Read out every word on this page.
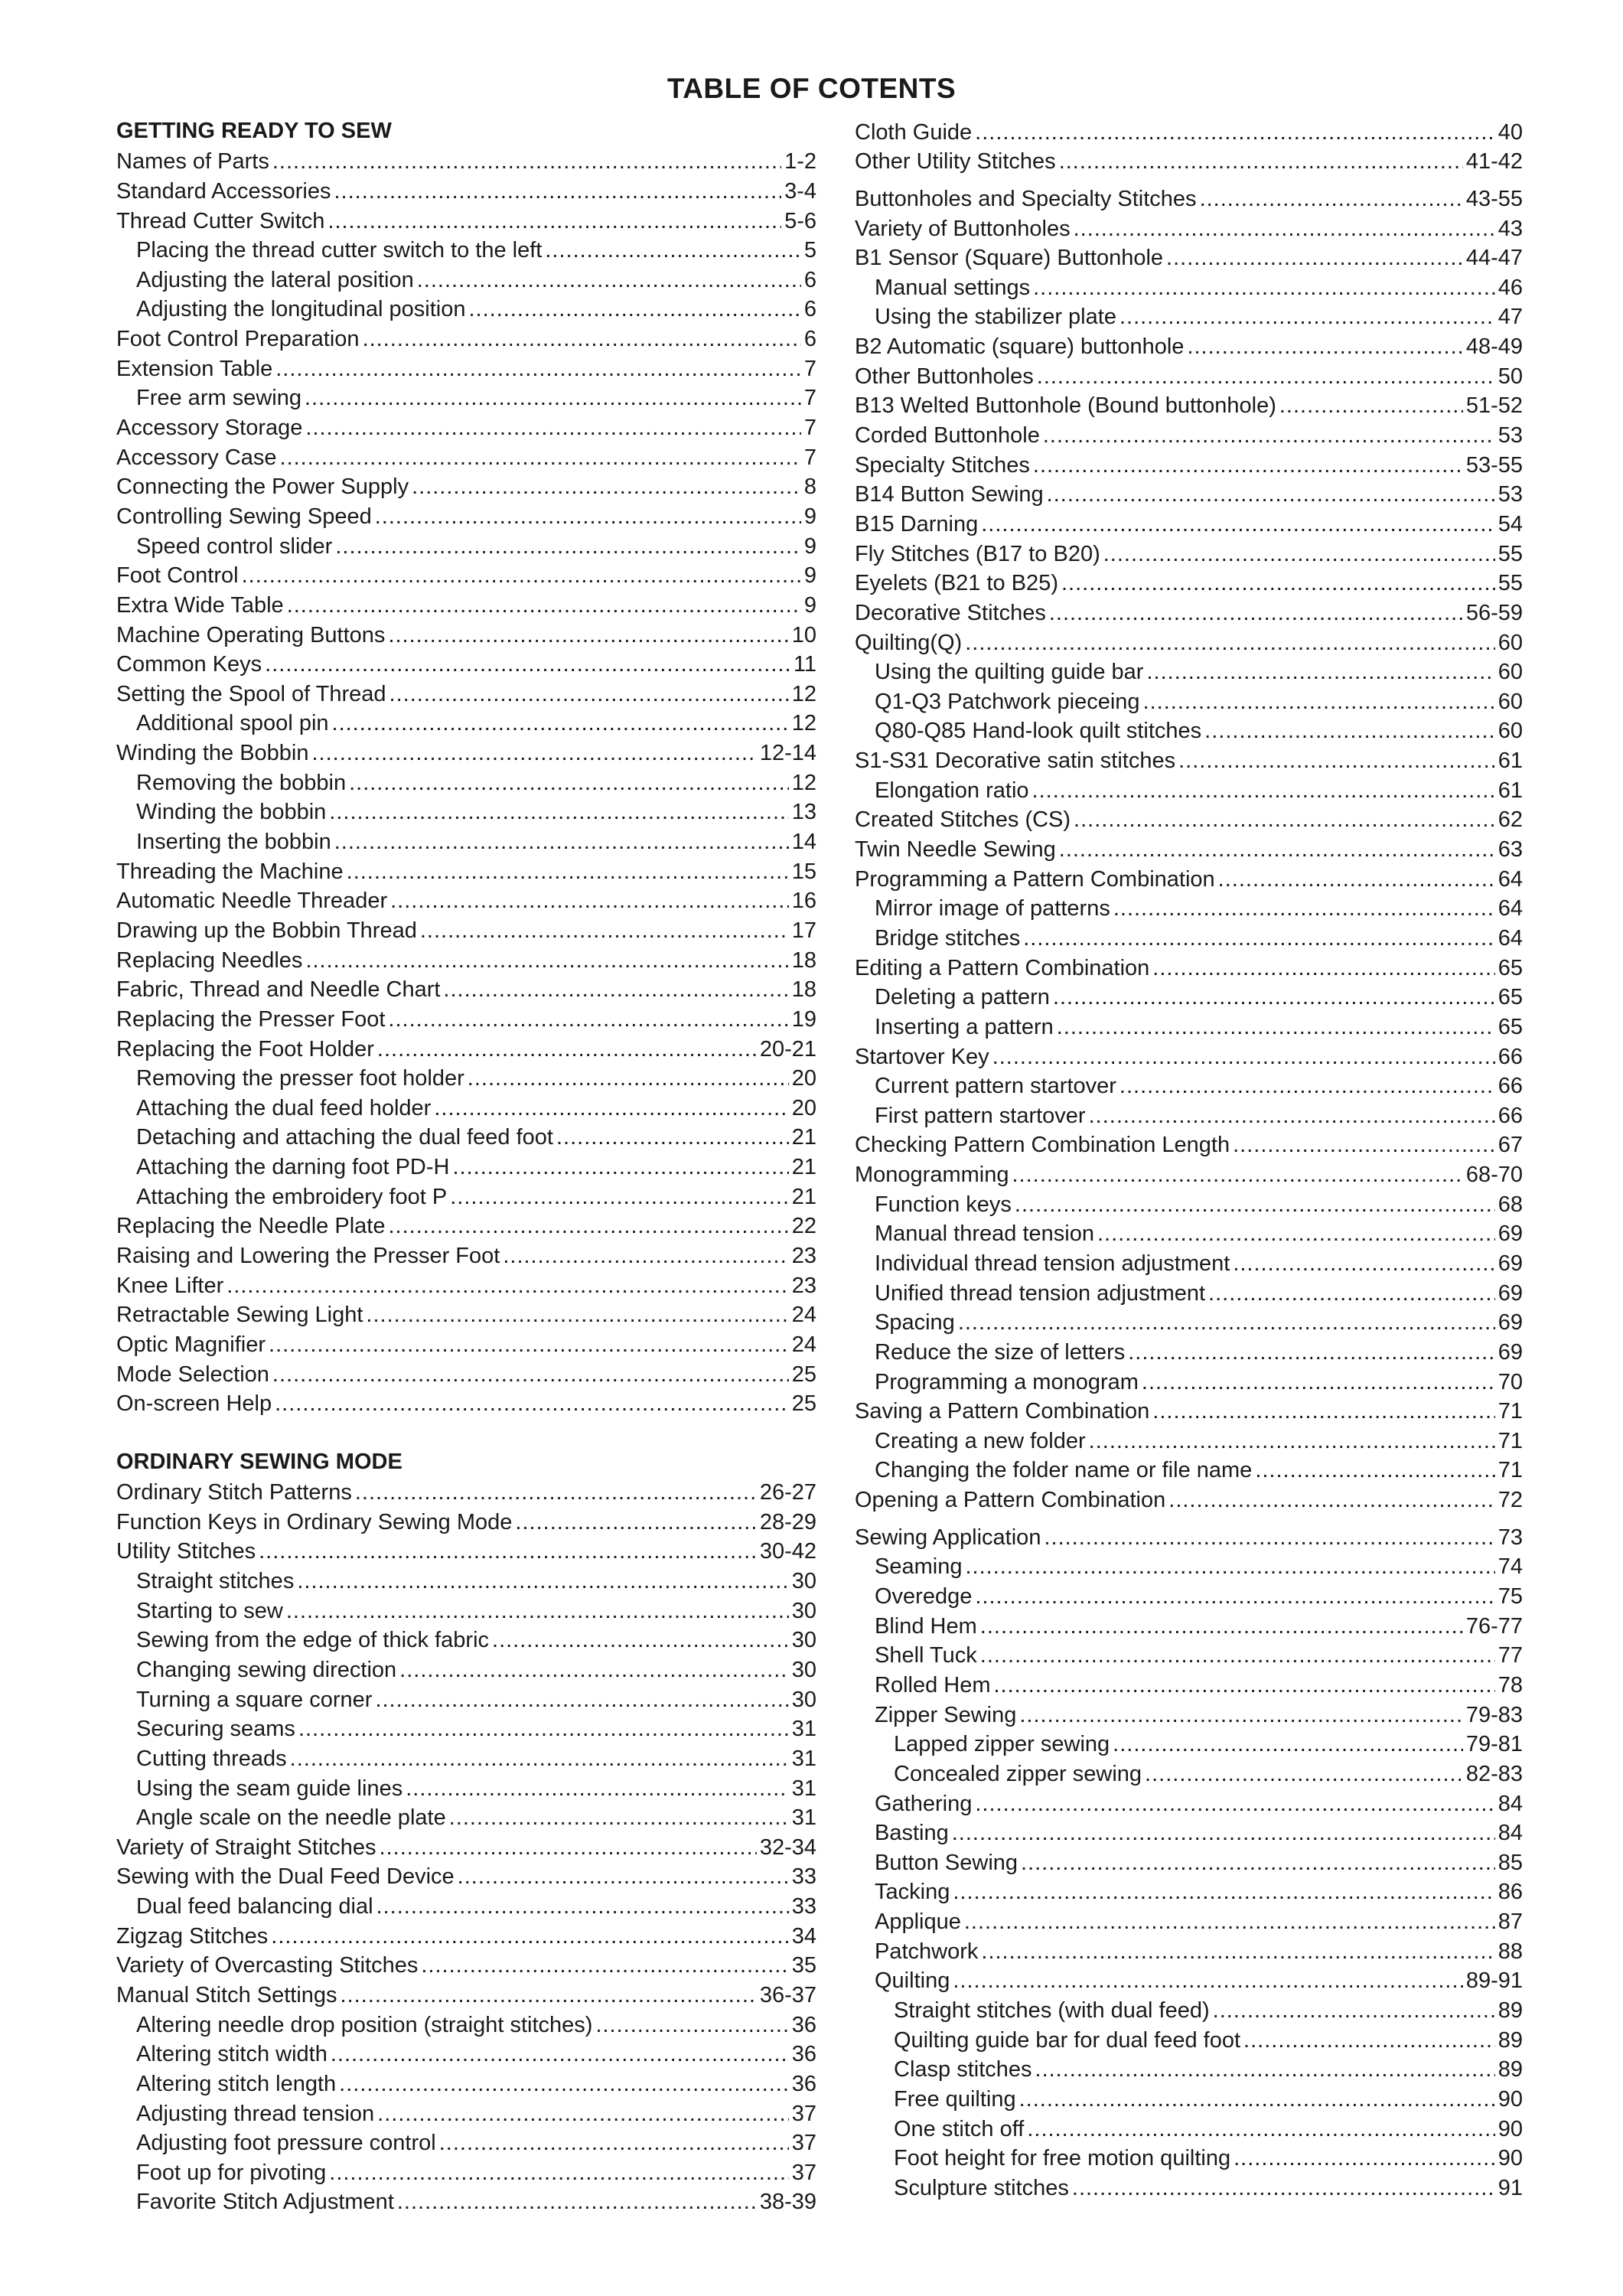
TABLE OF COTENTS
GETTING READY TO SEW
Names of Parts .....	1-2
Standard Accessories .....	3-4
Thread Cutter Switch .....	5-6
Placing the thread cutter switch to the left .....	5
Adjusting the lateral position .....	6
Adjusting the longitudinal position .....	6
Foot Control Preparation .....	6
Extension Table .....	7
Free arm sewing .....	7
Accessory Storage .....	7
Accessory Case .....	7
Connecting the Power Supply .....	8
Controlling Sewing Speed .....	9
Speed control slider .....	9
Foot Control .....	9
Extra Wide Table .....	9
Machine Operating Buttons .....	10
Common Keys .....	11
Setting the Spool of Thread .....	12
Additional spool pin .....	12
Winding the Bobbin .....	12-14
Removing the bobbin .....	12
Winding the bobbin .....	13
Inserting the bobbin .....	14
Threading the Machine .....	15
Automatic Needle Threader .....	16
Drawing up the Bobbin Thread .....	17
Replacing Needles .....	18
Fabric, Thread and Needle Chart .....	18
Replacing the Presser Foot .....	19
Replacing the Foot Holder .....	20-21
Removing the presser foot holder .....	20
Attaching the dual feed holder .....	20
Detaching and attaching the dual feed foot .....	21
Attaching the darning foot PD-H .....	21
Attaching the embroidery foot P .....	21
Replacing the Needle Plate .....	22
Raising and Lowering the Presser Foot .....	23
Knee Lifter .....	23
Retractable Sewing Light .....	24
Optic Magnifier .....	24
Mode Selection .....	25
On-screen Help .....	25
ORDINARY SEWING MODE
Ordinary Stitch Patterns .....	26-27
Function Keys in Ordinary Sewing Mode .....	28-29
Utility Stitches .....	30-42
Straight stitches .....	30
Starting to sew .....	30
Sewing from the edge of thick fabric .....	30
Changing sewing direction .....	30
Turning a square corner .....	30
Securing seams .....	31
Cutting threads .....	31
Using the seam guide lines .....	31
Angle scale on the needle plate .....	31
Variety of Straight Stitches .....	32-34
Sewing with the Dual Feed Device .....	33
Dual feed balancing dial .....	33
Zigzag Stitches .....	34
Variety of Overcasting Stitches .....	35
Manual Stitch Settings .....	36-37
Altering needle drop position (straight stitches) .....	36
Altering stitch width .....	36
Altering stitch length .....	36
Adjusting thread tension .....	37
Adjusting foot pressure control .....	37
Foot up for pivoting .....	37
Favorite Stitch Adjustment .....	38-39
Cloth Guide .....	40
Other Utility Stitches .....	41-42
Buttonholes and Specialty Stitches .....	43-55
Variety of Buttonholes .....	43
B1 Sensor (Square) Buttonhole .....	44-47
Manual settings .....	46
Using the stabilizer plate .....	47
B2 Automatic (square) buttonhole .....	48-49
Other Buttonholes .....	50
B13 Welted Buttonhole (Bound buttonhole) .....	51-52
Corded Buttonhole .....	53
Specialty Stitches .....	53-55
B14 Button Sewing .....	53
B15 Darning .....	54
Fly Stitches (B17 to B20) .....	55
Eyelets (B21 to B25) .....	55
Decorative Stitches .....	56-59
Quilting(Q) .....	60
Using the quilting guide bar .....	60
Q1-Q3 Patchwork pieceing .....	60
Q80-Q85 Hand-look quilt stitches .....	60
S1-S31 Decorative satin stitches .....	61
Elongation ratio .....	61
Created Stitches (CS) .....	62
Twin Needle Sewing .....	63
Programming a Pattern Combination .....	64
Mirror image of patterns .....	64
Bridge stitches .....	64
Editing a Pattern Combination .....	65
Deleting a pattern .....	65
Inserting a pattern .....	65
Startover Key .....	66
Current pattern startover .....	66
First pattern startover .....	66
Checking Pattern Combination Length .....	67
Monogramming .....	68-70
Function keys .....	68
Manual thread tension .....	69
Individual thread tension adjustment .....	69
Unified thread tension adjustment .....	69
Spacing .....	69
Reduce the size of letters .....	69
Programming a monogram .....	70
Saving a Pattern Combination .....	71
Creating a new folder .....	71
Changing the folder name or file name .....	71
Opening a Pattern Combination .....	72
Sewing Application .....	73
Seaming .....	74
Overedge .....	75
Blind Hem .....	76-77
Shell Tuck .....	77
Rolled Hem .....	78
Zipper Sewing .....	79-83
Lapped zipper sewing .....	79-81
Concealed zipper sewing .....	82-83
Gathering .....	84
Basting .....	84
Button Sewing .....	85
Tacking .....	86
Applique .....	87
Patchwork .....	88
Quilting .....	89-91
Straight stitches (with dual feed) .....	89
Quilting guide bar for dual feed foot .....	89
Clasp stitches .....	89
Free quilting .....	90
One stitch off .....	90
Foot height for free motion quilting .....	90
Sculpture stitches .....	91
